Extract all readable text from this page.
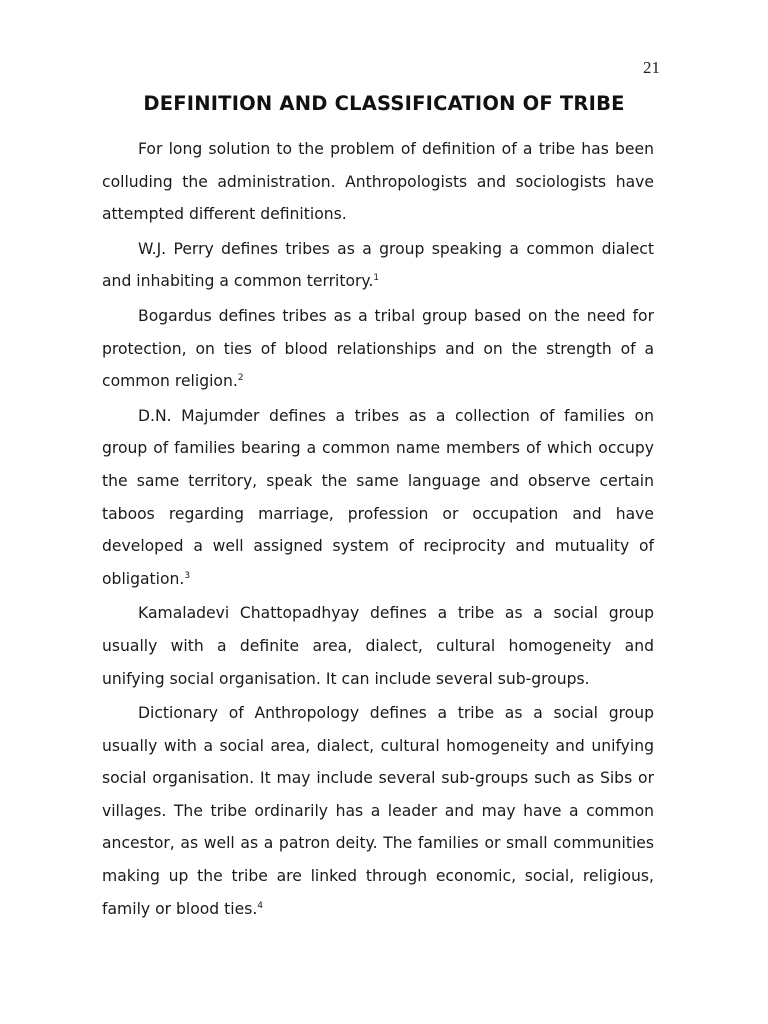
21
DEFINITION AND CLASSIFICATION OF TRIBE

For long solution to the problem of definition of a tribe has been colluding the administration. Anthropologists and sociologists have attempted different definitions.

W.J. Perry defines tribes as a group speaking a common dialect and inhabiting a common territory.$^1$

Bogardus defines tribes as a tribal group based on the need for protection, on ties of blood relationships and on the strength of a common religion.$^2$

D.N. Majumder defines a tribes as a collection of families on group of families bearing a common name members of which occupy the same territory, speak the same language and observe certain taboos regarding marriage, profession or occupation and have developed a well assigned system of reciprocity and mutuality of obligation.$^3$

Kamaladevi Chattopadhyay defines a tribe as a social group usually with a definite area, dialect, cultural homogeneity and unifying social organisation. It can include several sub-groups.

Dictionary of Anthropology defines a tribe as a social group usually with a social area, dialect, cultural homogeneity and unifying social organisation. It may include several sub-groups such as Sibs or villages. The tribe ordinarily has a leader and may have a common ancestor, as well as a patron deity. The families or small communities making up the tribe are linked through economic, social, religious, family or blood ties.$^4$
